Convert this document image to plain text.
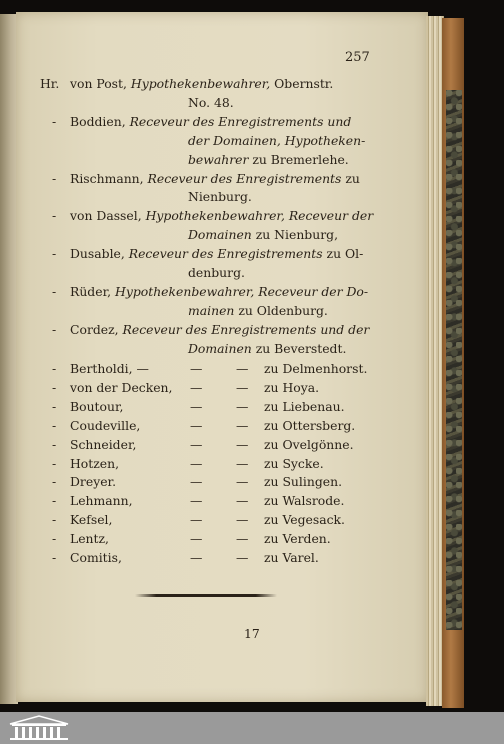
257
Hr. von Post, Hypothekenbewahrer, Obernstr.
No. 48.
- Boddien, Receveur des Enregistrements und
der Domainen, Hypotheken-
bewahrer zu Bremerlehe.
- Rischmann, Receveur des Enregistrements zu
Nienburg.
- von Dassel, Hypothekenbewahrer, Receveur der
Domainen zu Nienburg,
- Dusable, Receveur des Enregistrements zu Ol-
denburg.
- Rüder, Hypothekenbewahrer, Receveur der Do-
mainen zu Oldenburg.
- Cordez, Receveur des Enregistrements und der
Domainen zu Beverstedt.
- Bertholdi, —	—	— zu Delmenhorst.
- von der Decken, —	— zu Hoya.
- Boutour,	—	— zu Liebenau.
- Coudeville,	—	— zu Ottersberg.
- Schneider,	—	— zu Ovelgönne.
- Hotzen,	—	— zu Sycke.
- Dreyer.	—	— zu Sulingen.
- Lehmann,	—	— zu Walsrode.
- Kefsel,	—	— zu Vegesack.
- Lentz,	—	— zu Verden.
- Comitis,	—	— zu Varel.
17
